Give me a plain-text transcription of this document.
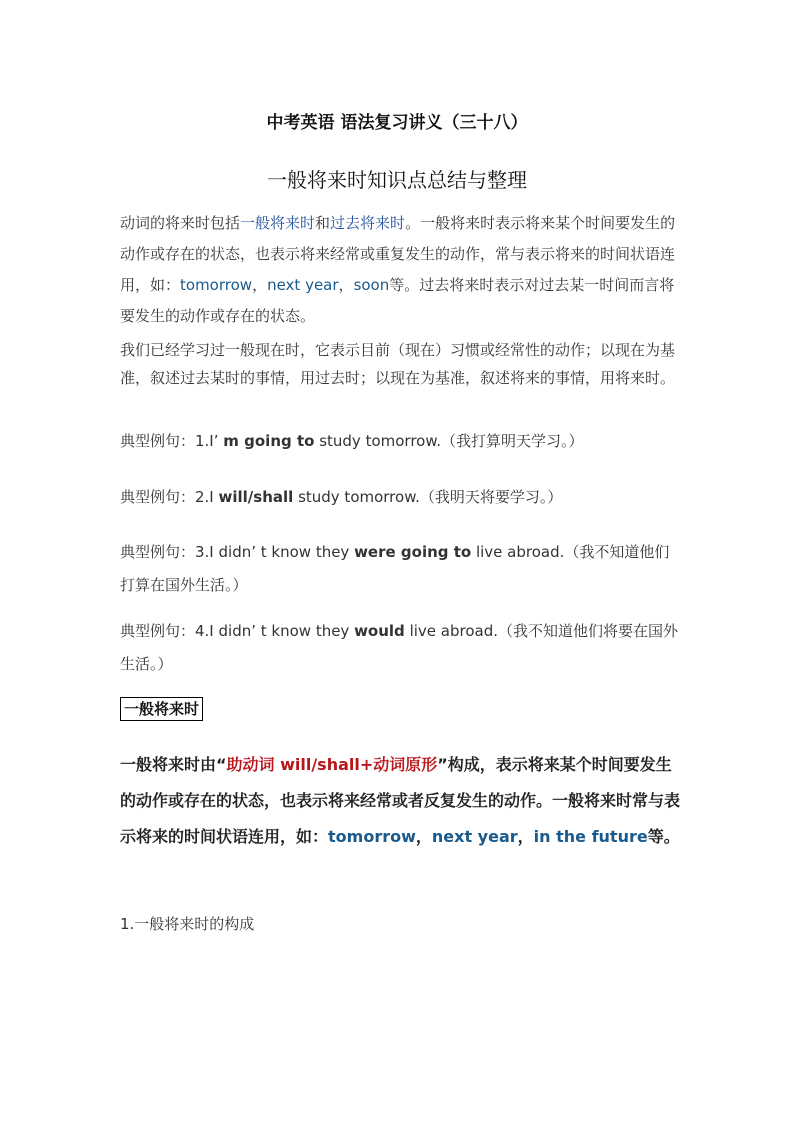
中考英语 语法复习讲义（三十八）
一般将来时知识点总结与整理
动词的将来时包括一般将来时和过去将来时。一般将来时表示将来某个时间要发生的动作或存在的状态，也表示将来经常或重复发生的动作，常与表示将来的时间状语连用，如：tomorrow，next year，soon等。过去将来时表示对过去某一时间而言将要发生的动作或存在的状态。
我们已经学习过一般现在时，它表示目前（现在）习惯或经常性的动作；以现在为基准，叙述过去某时的事情，用过去时；以现在为基准，叙述将来的事情，用将来时。
典型例句：1.I’ m going to study tomorrow.（我打算明天学习。）
典型例句：2.I will/shall study tomorrow.（我明天将要学习。）
典型例句：3.I didn’ t know they were going to live abroad.（我不知道他们打算在国外生活。）
典型例句：4.I didn’ t know they would live abroad.（我不知道他们将要在国外生活。）
一般将来时
一般将来时由“助动词 will/shall+动词原形”构成，表示将来某个时间要发生的动作或存在的状态，也表示将来经常或者反复发生的动作。一般将来时常与表示将来的时间状语连用，如：tomorrow，next year，in the future等。
1.一般将来时的构成
